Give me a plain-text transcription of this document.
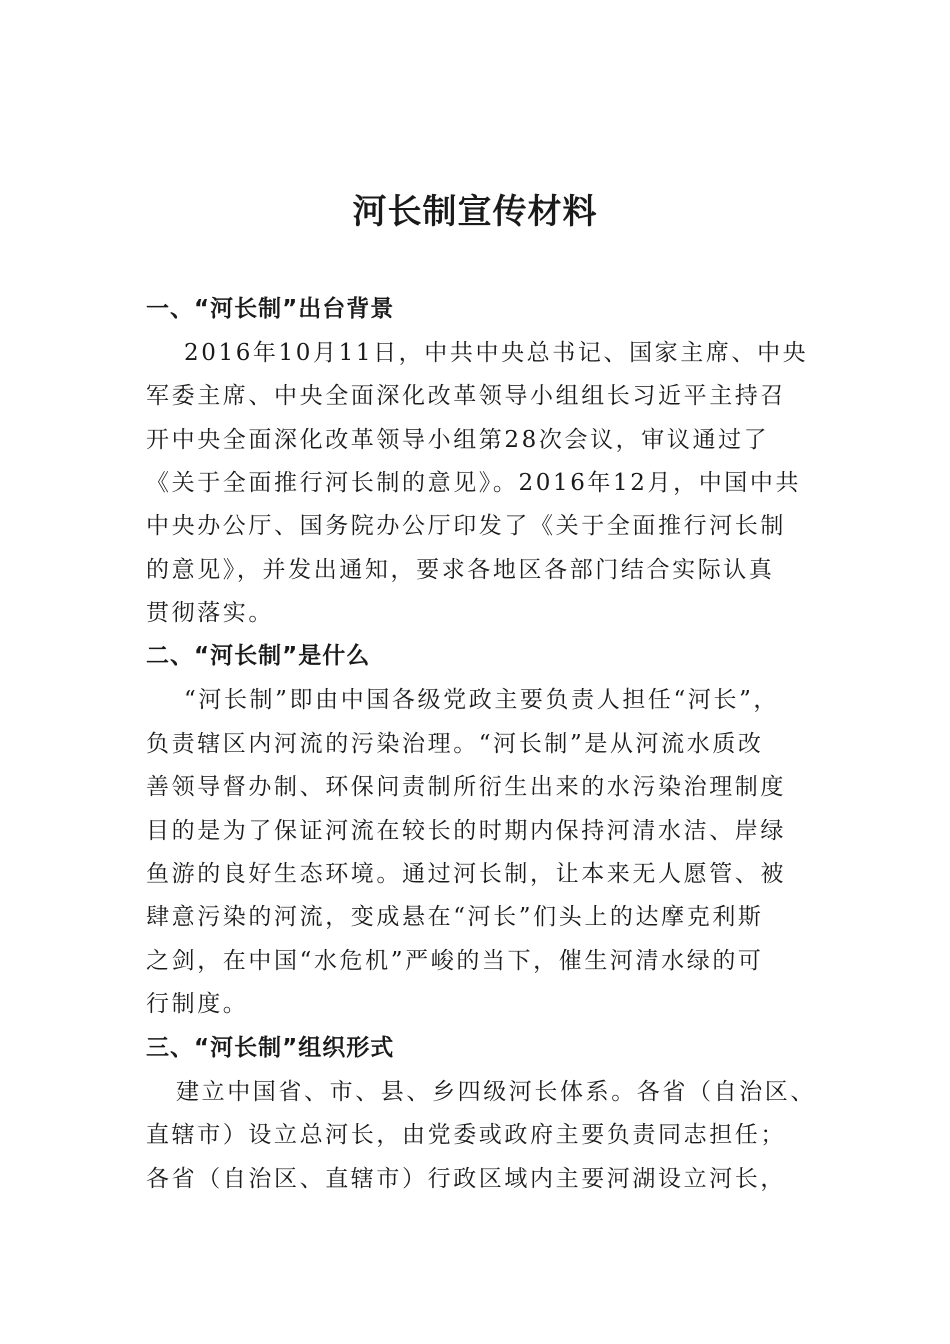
河长制宣传材料
一、“河长制”出台背景
2016年10月11日，中共中央总书记、国家主席、中央
军委主席、中央全面深化改革领导小组组长习近平主持召
开中央全面深化改革领导小组第28次会议，审议通过了
《关于全面推行河长制的意见》。2016年12月，中国中共
中央办公厅、国务院办公厅印发了《关于全面推行河长制
的意见》，并发出通知，要求各地区各部门结合实际认真
贯彻落实。
二、“河长制”是什么
“河长制”即由中国各级党政主要负责人担任“河长”，
负责辖区内河流的污染治理。“河长制”是从河流水质改
善领导督办制、环保问责制所衍生出来的水污染治理制度
目的是为了保证河流在较长的时期内保持河清水洁、岸绿
鱼游的良好生态环境。通过河长制，让本来无人愿管、被
肆意污染的河流，变成悬在“河长”们头上的达摩克利斯
之剑，在中国“水危机”严峻的当下，催生河清水绿的可
行制度。
三、“河长制”组织形式
建立中国省、市、县、乡四级河长体系。各省（自治区、
直辖市）设立总河长，由党委或政府主要负责同志担任；
各省（自治区、直辖市）行政区域内主要河湖设立河长，
